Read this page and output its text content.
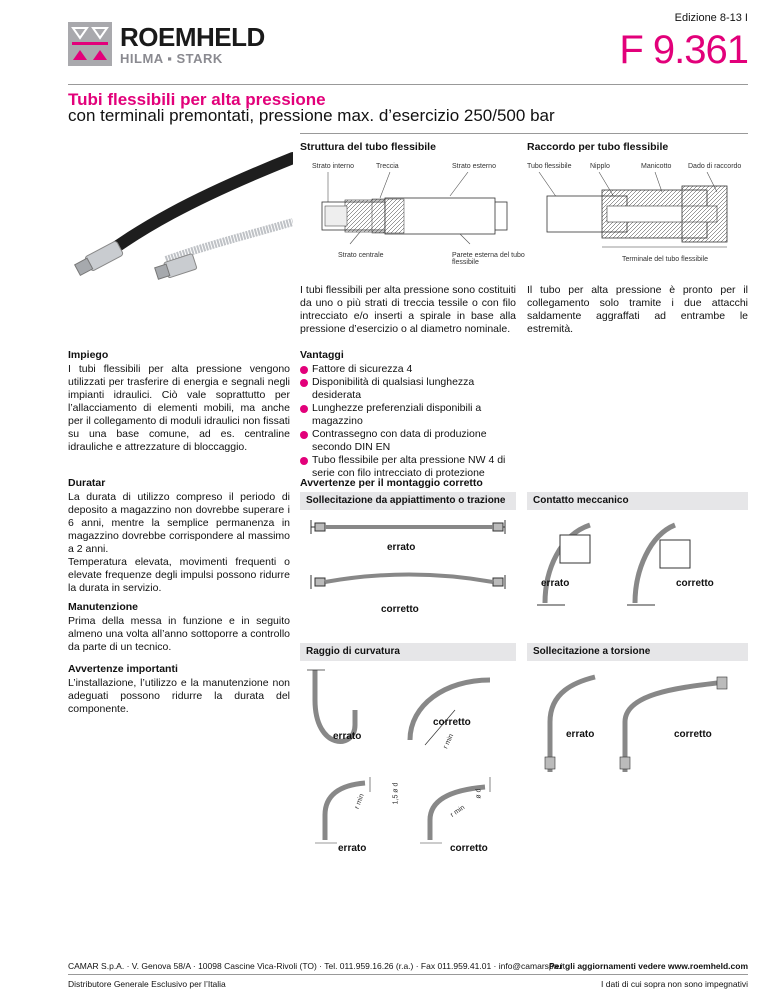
ROEMHELD
HILMA ▪ STARK
Edizione 8-13 I
F 9.361
Tubi flessibili per alta pressione
con terminali premontati, pressione max. d’esercizio 250/500 bar
Struttura del tubo flessibile
Strato interno	Treccia	Strato esterno
Strato centrale	Parete esterna del tubo flessibile
Raccordo per tubo flessibile
Tubo flessibile	Nipplo	Manicotto Dado di raccordo
Terminale del tubo flessibile
I tubi flessibili per alta pressione sono costituiti da uno o più strati di treccia tessile o con filo intrecciato e/o inserti a spirale in base alla pressione d’esercizio o al diametro nominale.
Il tubo per alta pressione è pronto per il collegamento solo tramite i due attacchi saldamente aggraffati ad entrambe le estremità.
Impiego
I tubi flessibili per alta pressione vengono utilizzati per trasferire di energia e segnali negli impianti idraulici. Ciò vale soprattutto per l’allacciamento di elementi mobili, ma anche per il collegamento di moduli idraulici non fissati su una base comune, ad es. centraline idrauliche e attrezzature di bloccaggio.
Duratar
La durata di utilizzo compreso il periodo di deposito a magazzino non dovrebbe superare i 6 anni, mentre la semplice permanenza in magazzino dovrebbe corrispondere al massimo a 2 anni.
Temperatura elevata, movimenti frequenti o elevate frequenze degli impulsi possono ridurre la durata in servizio.
Manutenzione
Prima della messa in funzione e in seguito almeno una volta all’anno sottoporre a controllo da parte di un tecnico.
Avvertenze importanti
L’installazione, l’utilizzo e la manutenzione non adeguati possono ridurre la durata del componente.
Vantaggi
Fattore di sicurezza 4
Disponibilità di qualsiasi lunghezza desiderata
Lunghezze preferenziali disponibili a magazzino
Contrassegno con data di produzione secondo DIN EN
Tubo flessibile per alta pressione NW 4 di serie con filo intrecciato di protezione
Avvertenze per il montaggio corretto
Sollecitazione da appiattimento o trazione	Contatto meccanico
errato
corretto
errato	corretto
Raggio di curvatura	Sollecitazione a torsione
corretto
errato	r min	errato	corretto
r min	1,5 ø d	ø d
r min
errato	corretto
CAMAR S.p.A. · V. Genova 58/A · 10098 Cascine Vica-Rivoli (TO) · Tel. 011.959.16.26 (r.a.) · Fax 011.959.41.01 · info@camarspa.it
Per gli aggiornamenti vedere www.roemheld.com
Distributore Generale Esclusivo per l’Italia	I dati di cui sopra non sono impegnativi
